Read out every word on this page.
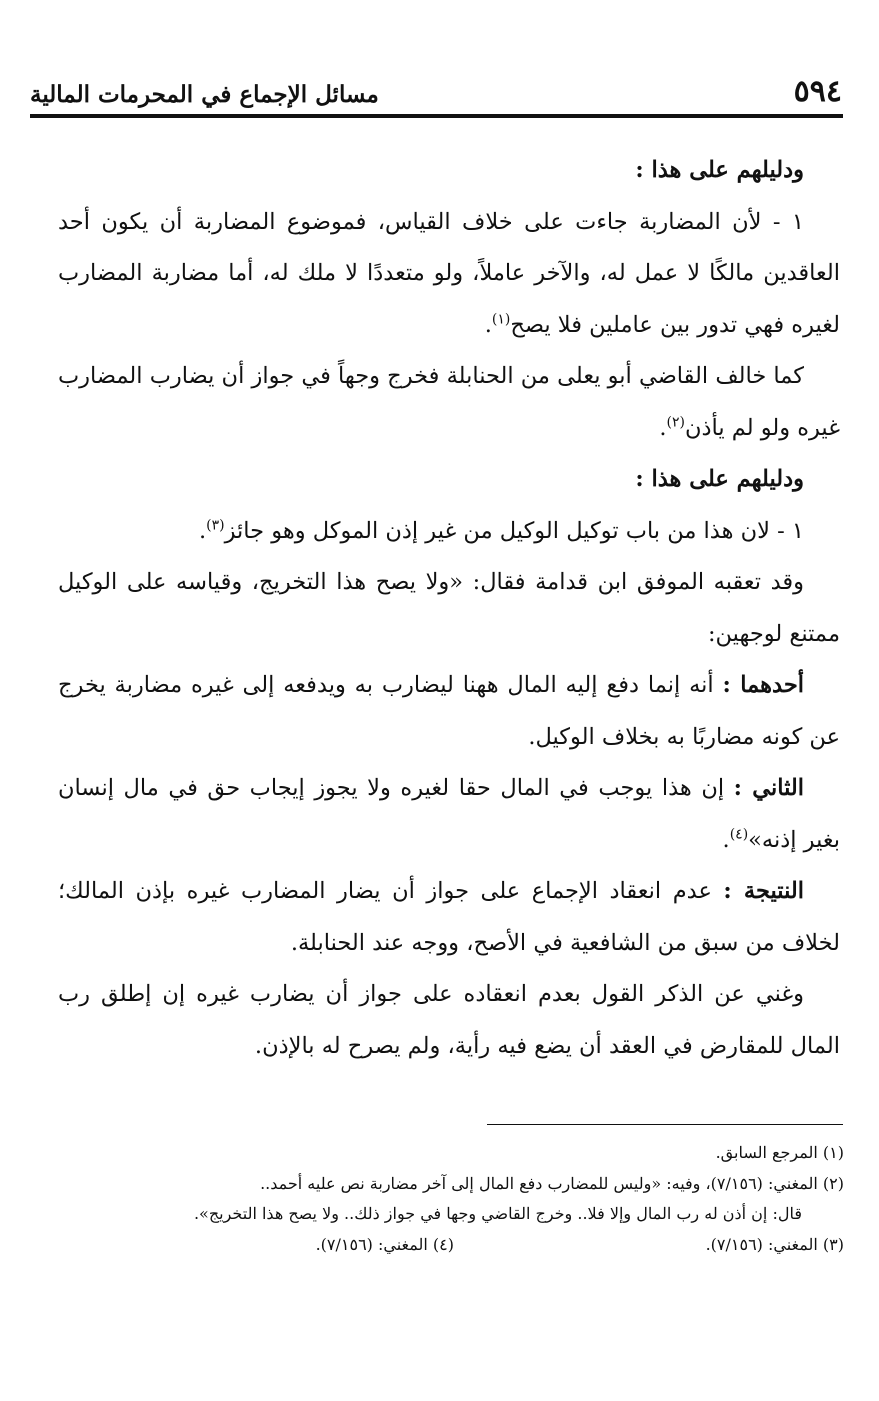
٥٩٤
مسائل الإجماع في المحرمات المالية

ودليلهم على هذا :

١ - لأن المضاربة جاءت على خلاف القياس، فموضوع المضاربة أن يكون أحد العاقدين مالكًا لا عمل له، والآخر عاملاً، ولو متعددًا لا ملك له، أما مضاربة المضارب لغيره فهي تدور بين عاملين فلا يصح$^{(١)}$.

كما خالف القاضي أبو يعلى من الحنابلة فخرج وجهاً في جواز أن يضارب المضارب غيره ولو لم يأذن$^{(٢)}$.

ودليلهم على هذا :

١ - لان هذا من باب توكيل الوكيل من غير إذن الموكل وهو جائز$^{(٣)}$.

وقد تعقبه الموفق ابن قدامة فقال: «ولا يصح هذا التخريج، وقياسه على الوكيل ممتنع لوجهين:

أحدهما : أنه إنما دفع إليه المال ههنا ليضارب به ويدفعه إلى غيره مضاربة يخرج عن كونه مضاربًا به بخلاف الوكيل.

الثاني : إن هذا يوجب في المال حقا لغيره ولا يجوز إيجاب حق في مال إنسان بغير إذنه»$^{(٤)}$.

النتيجة : عدم انعقاد الإجماع على جواز أن يضار المضارب غيره بإذن المالك؛ لخلاف من سبق من الشافعية في الأصح، ووجه عند الحنابلة.

وغني عن الذكر القول بعدم انعقاده على جواز أن يضارب غيره إن إطلق رب المال للمقارض في العقد أن يضع فيه رأية، ولم يصرح له بالإذن.

(١) المرجع السابق.

(٢) المغني: (٧/١٥٦)، وفيه: «وليس للمضارب دفع المال إلى آخر مضاربة نص عليه أحمد..

قال: إن أذن له رب المال وإلا فلا.. وخرج القاضي وجها في جواز ذلك.. ولا يصح هذا التخريج».

(٣) المغني: (٧/١٥٦).

(٤) المغني: (٧/١٥٦).
